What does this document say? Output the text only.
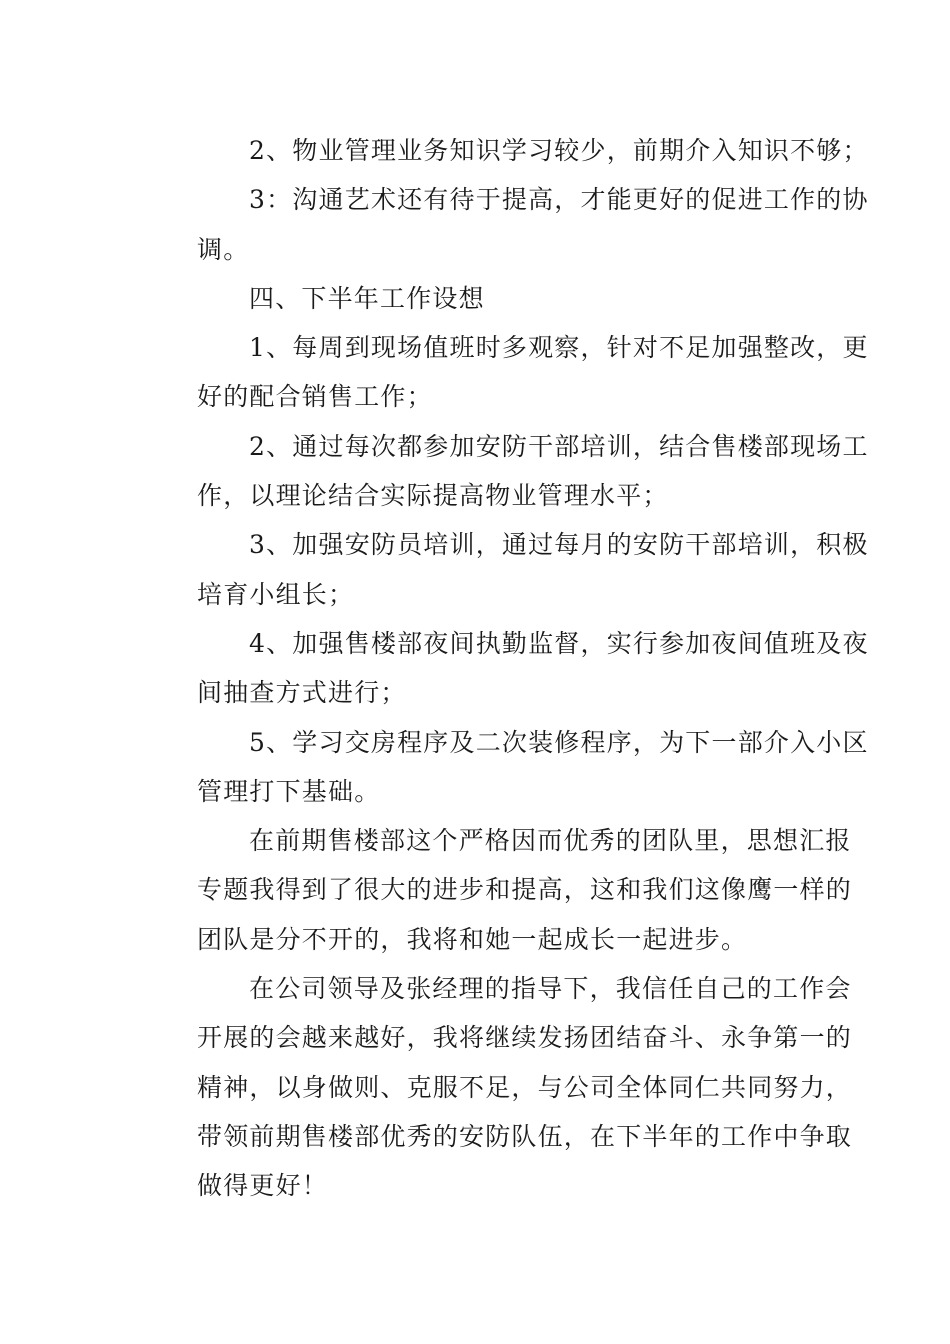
2、物业管理业务知识学习较少，前期介入知识不够；

3：沟通艺术还有待于提高，才能更好的促进工作的协
调。

四、下半年工作设想

1、每周到现场值班时多观察，针对不足加强整改，更
好的配合销售工作；

2、通过每次都参加安防干部培训，结合售楼部现场工
作，以理论结合实际提高物业管理水平；

3、加强安防员培训，通过每月的安防干部培训，积极
培育小组长；

4、加强售楼部夜间执勤监督，实行参加夜间值班及夜
间抽查方式进行；

5、学习交房程序及二次装修程序，为下一部介入小区
管理打下基础。

在前期售楼部这个严格因而优秀的团队里，思想汇报
专题我得到了很大的进步和提高，这和我们这像鹰一样的
团队是分不开的，我将和她一起成长一起进步。

在公司领导及张经理的指导下，我信任自己的工作会
开展的会越来越好，我将继续发扬团结奋斗、永争第一的
精神，以身做则、克服不足，与公司全体同仁共同努力，
带领前期售楼部优秀的安防队伍，在下半年的工作中争取
做得更好！
